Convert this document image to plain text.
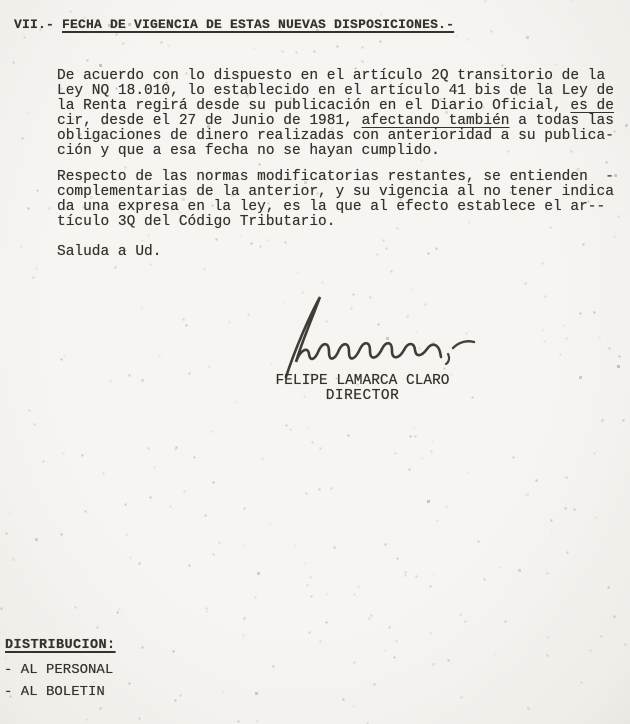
VII.- FECHA DE VIGENCIA DE ESTAS NUEVAS DISPOSICIONES.-
De acuerdo con lo dispuesto en el artículo 2Q transitorio de la
Ley NQ 18.010, lo establecido en el artículo 41 bis de la Ley de
la Renta regirá desde su publicación en el Diario Oficial, es de
cir, desde el 27 de Junio de 1981, afectando también a todas las
obligaciones de dinero realizadas con anterioridad a su publica-
ción y que a esa fecha no se hayan cumplido.
Respecto de las normas modificatorias restantes, se entienden  -
complementarias de la anterior, y su vigencia al no tener indica
da una expresa en la ley, es la que al efecto establece el ar--
tículo 3Q del Código Tributario.
Saluda a Ud.
FELIPE LAMARCA CLARO
DIRECTOR
DISTRIBUCION:
- AL PERSONAL
- AL BOLETIN
